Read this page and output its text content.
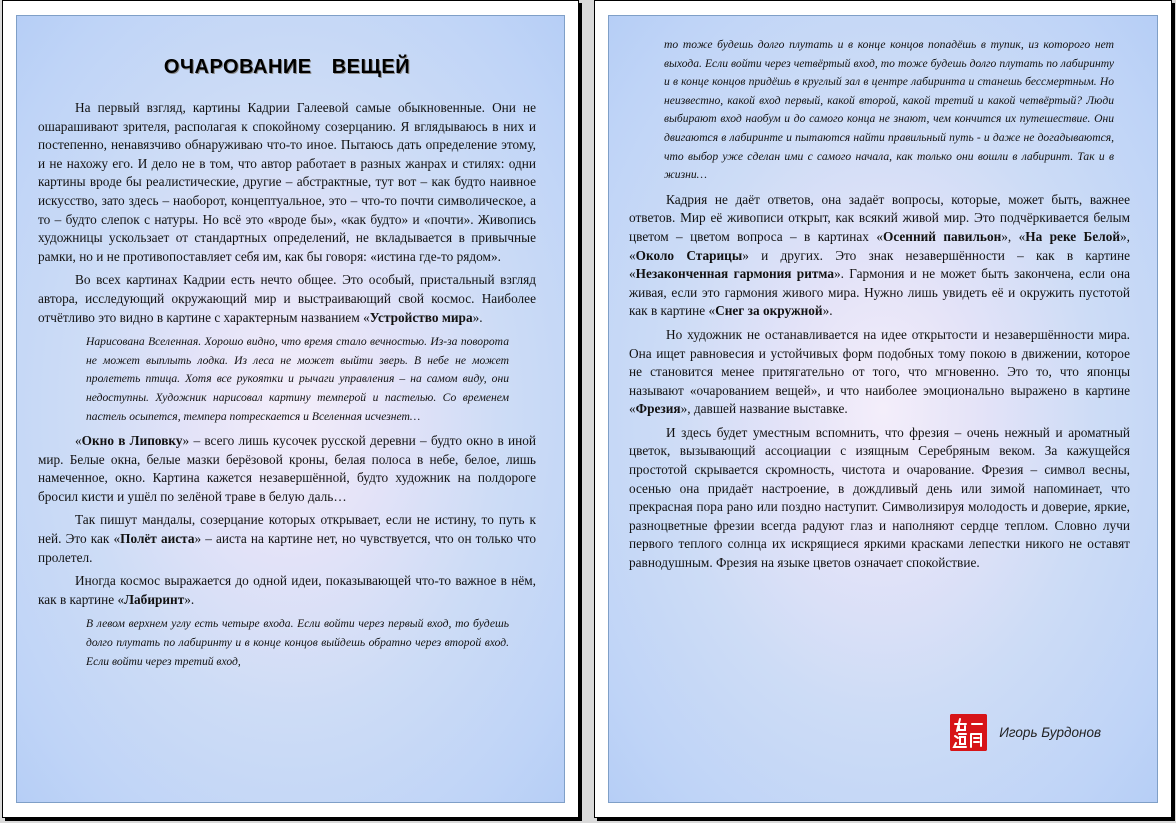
ОЧАРОВАНИЕ ВЕЩЕЙ

На первый взгляд, картины Кадрии Галеевой самые обыкновенные. Они не ошарашивают зрителя, располагая к спокойному созерцанию. Я вглядываюсь в них и постепенно, ненавязчиво обнаруживаю что-то иное. Пытаюсь дать определение этому, и не нахожу его. И дело не в том, что автор работает в разных жанрах и стилях: одни картины вроде бы реалистические, другие – абстрактные, тут вот – как будто наивное искусство, зато здесь – наоборот, концептуальное, это – что-то почти символическое, а то – будто слепок с натуры. Но всё это «вроде бы», «как будто» и «почти». Живопись художницы ускользает от стандартных определений, не вкладывается в привычные рамки, но и не противопоставляет себя им, как бы говоря: «истина где-то рядом».

Во всех картинах Кадрии есть нечто общее. Это особый, пристальный взгляд автора, исследующий окружающий мир и выстраивающий свой космос. Наиболее отчётливо это видно в картине с характерным названием «Устройство мира».

Нарисована Вселенная. Хорошо видно, что время стало вечностью. Из-за поворота не может выплыть лодка. Из леса не может выйти зверь. В небе не может пролететь птица. Хотя все рукоятки и рычаги управления – на самом виду, они недоступны. Художник нарисовал картину темперой и пастелью. Со временем пастель осыпется, темпера потрескается и Вселенная исчезнет…

«Окно в Липовку» – всего лишь кусочек русской деревни – будто окно в иной мир. Белые окна, белые мазки берёзовой кроны, белая полоса в небе, белое, лишь намеченное, окно. Картина кажется незавершённой, будто художник на полдороге бросил кисти и ушёл по зелёной траве в белую даль…

Так пишут мандалы, созерцание которых открывает, если не истину, то путь к ней. Это как «Полёт аиста» – аиста на картине нет, но чувствуется, что он только что пролетел.

Иногда космос выражается до одной идеи, показывающей что-то важное в нём, как в картине «Лабиринт».

В левом верхнем углу есть четыре входа. Если войти через первый вход, то будешь долго плутать по лабиринту и в конце концов выйдешь обратно через второй вход. Если войти через третий вход,

то тоже будешь долго плутать и в конце концов попадёшь в тупик, из которого нет выхода. Если войти через четвёртый вход, то тоже будешь долго плутать по лабиринту и в конце концов придёшь в круглый зал в центре лабиринта и станешь бессмертным. Но неизвестно, какой вход первый, какой второй, какой третий и какой четвёртый? Люди выбирают вход наобум и до самого конца не знают, чем кончится их путешествие. Они двигаются в лабиринте и пытаются найти правильный путь - и даже не догадываются, что выбор уже сделан ими с самого начала, как только они вошли в лабиринт. Так и в жизни…

Кадрия не даёт ответов, она задаёт вопросы, которые, может быть, важнее ответов. Мир её живописи открыт, как всякий живой мир. Это подчёркивается белым цветом – цветом вопроса – в картинах «Осенний павильон», «На реке Белой», «Около Старицы» и других. Это знак незавершённости – как в картине «Незаконченная гармония ритма». Гармония и не может быть закончена, если она живая, если это гармония живого мира. Нужно лишь увидеть её и окружить пустотой как в картине «Снег за окружной».

Но художник не останавливается на идее открытости и незавершённости мира. Она ищет равновесия и устойчивых форм подобных тому покою в движении, которое не становится менее притягательно от того, что мгновенно. Это то, что японцы называют «очарованием вещей», и что наиболее эмоционально выражено в картине «Фрезия», давшей название выставке.

И здесь будет уместным вспомнить, что фрезия – очень нежный и ароматный цветок, вызывающий ассоциации с изящным Серебряным веком. За кажущейся простотой скрывается скромность, чистота и очарование. Фрезия – символ весны, осенью она придаёт настроение, в дождливый день или зимой напоминает, что прекрасная пора рано или поздно наступит. Символизируя молодость и доверие, яркие, разноцветные фрезии всегда радуют глаз и наполняют сердце теплом. Словно лучи первого теплого солнца их искрящиеся яркими красками лепестки никого не оставят равнодушным. Фрезия на языке цветов означает спокойствие.

Игорь Бурдонов
